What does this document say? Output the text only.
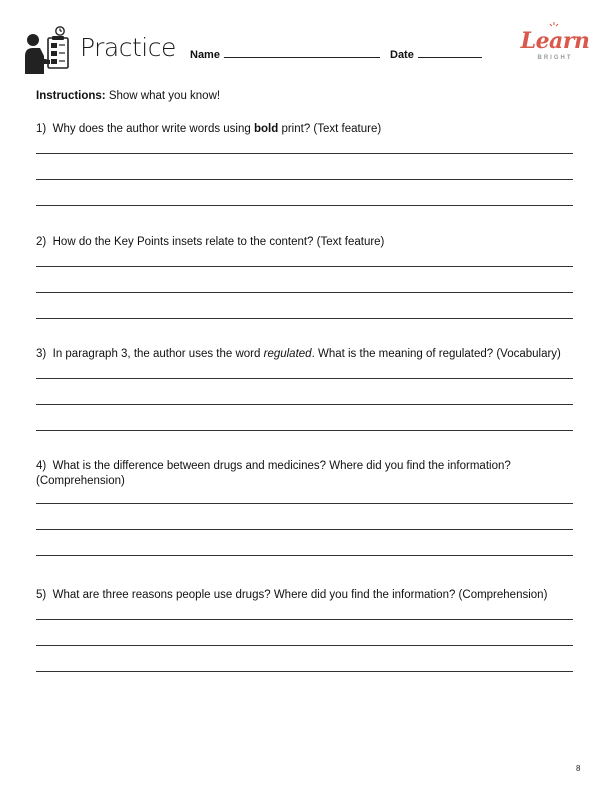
Practice Name	Date
Learn
BRIGHT
Instructions: Show what you know!
1) Why does the author write words using bold print? (Text feature)
2) How do the Key Points insets relate to the content? (Text feature)
3) In paragraph 3, the author uses the word regulated. What is the meaning of regulated? (Vocabulary)
4) What is the difference between drugs and medicines? Where did you find the information? (Comprehension)
5) What are three reasons people use drugs? Where did you find the information? (Comprehension)
8
